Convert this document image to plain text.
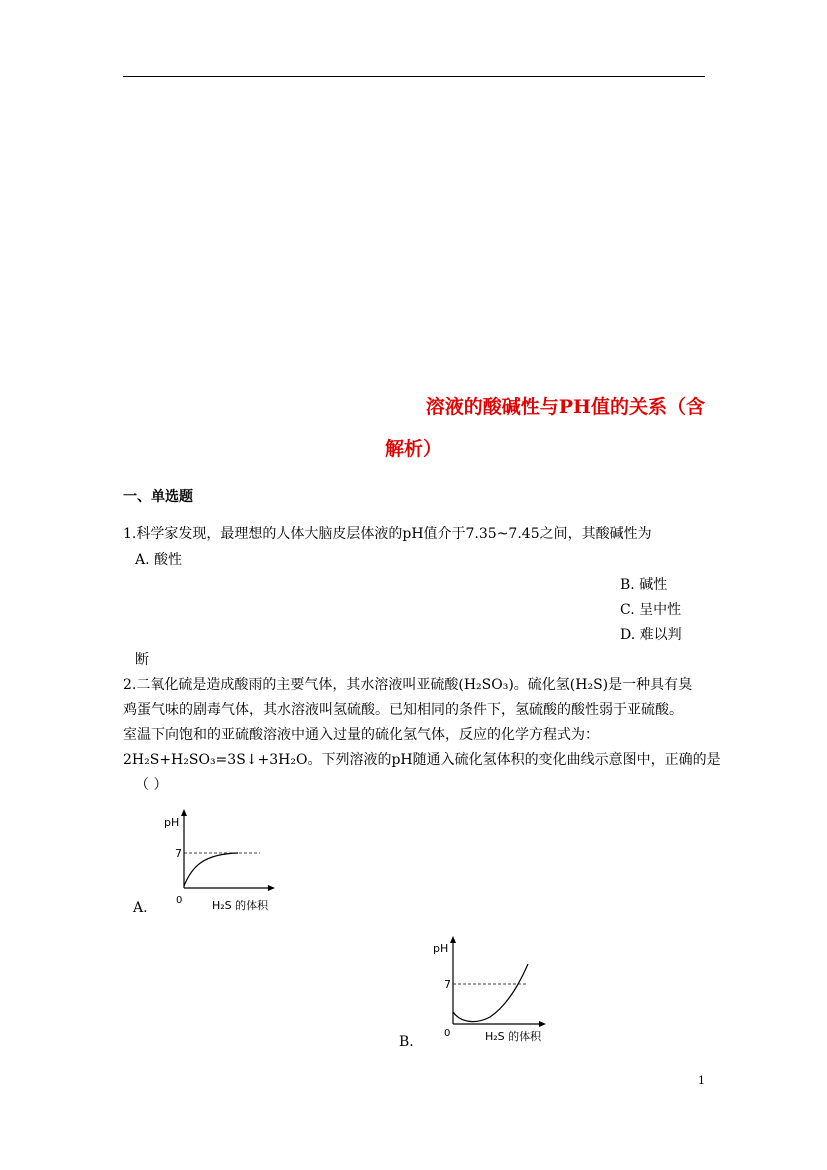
溶液的酸碱性与PH值的关系（含
解析）
一、单选题
1.科学家发现，最理想的人体大脑皮层体液的pH值介于7.35~7.45之间，其酸碱性为
A. 酸性
B. 碱性
C. 呈中性
D. 难以判
断
2.二氧化硫是造成酸雨的主要气体，其水溶液叫亚硫酸(H₂SO₃)。硫化氢(H₂S)是一种具有臭
鸡蛋气味的剧毒气体，其水溶液叫氢硫酸。已知相同的条件下，氢硫酸的酸性弱于亚硫酸。
室温下向饱和的亚硫酸溶液中通入过量的硫化氢气体，反应的化学方程式为：
2H₂S+H₂SO₃=3S↓+3H₂O。下列溶液的pH随通入硫化氢体积的变化曲线示意图中，正确的是
（ ）
pH
7
0	H₂S 的体积
A.
pH
7
0	H₂S 的体积
B.
1
